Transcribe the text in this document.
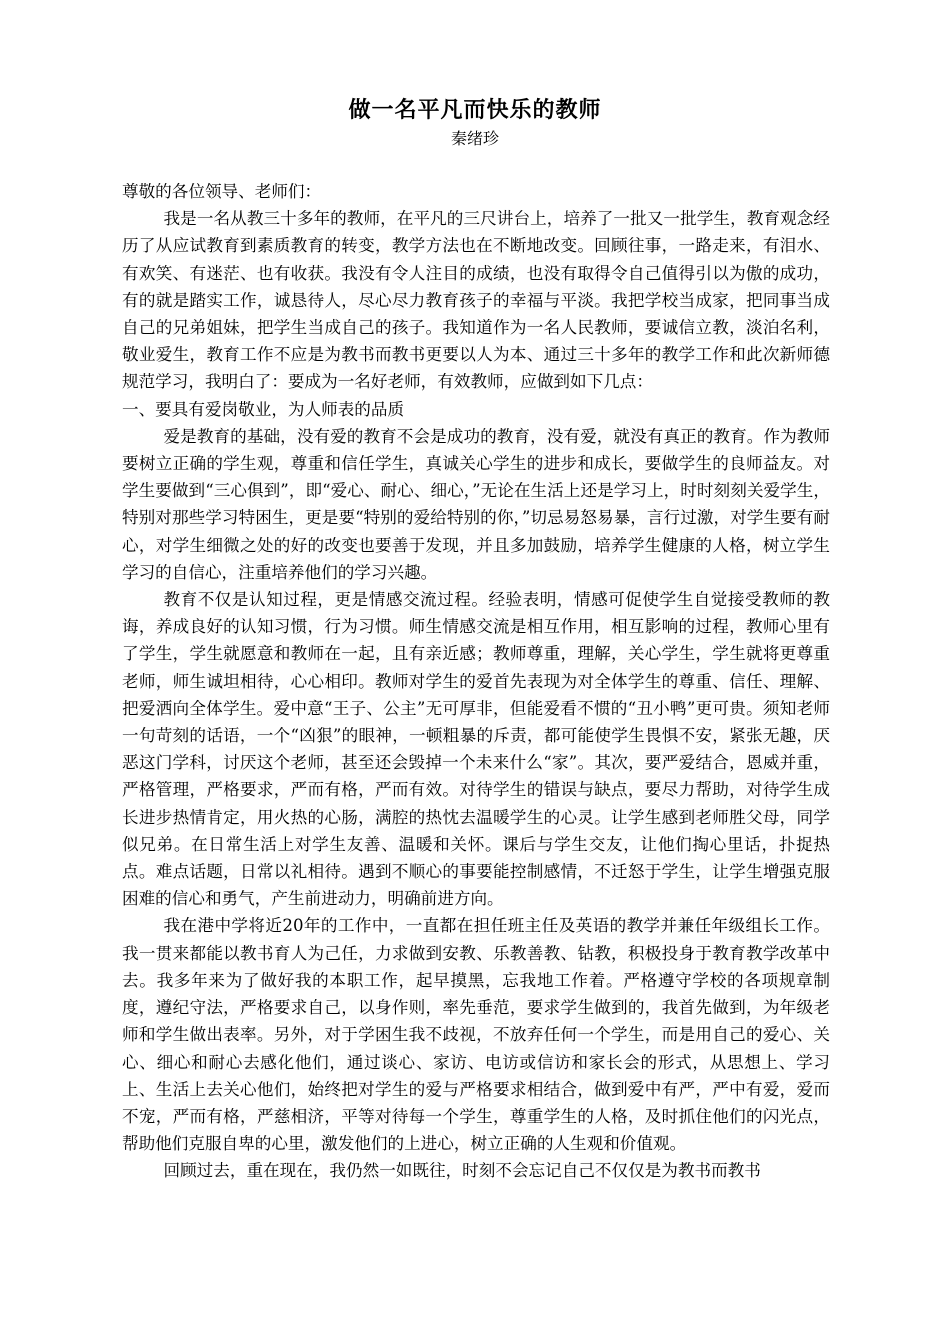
做一名平凡而快乐的教师
秦绪珍

尊敬的各位领导、老师们：

我是一名从教三十多年的教师，在平凡的三尺讲台上，培养了一批又一批学生，教育观念经历了从应试教育到素质教育的转变，教学方法也在不断地改变。回顾往事，一路走来，有泪水、有欢笑、有迷茫、也有收获。我没有令人注目的成绩，也没有取得令自己值得引以为傲的成功，有的就是踏实工作，诚恳待人，尽心尽力教育孩子的幸福与平淡。我把学校当成家，把同事当成自己的兄弟姐妹，把学生当成自己的孩子。我知道作为一名人民教师，要诚信立教，淡泊名利，敬业爱生，教育工作不应是为教书而教书更要以人为本、通过三十多年的教学工作和此次新师德规范学习，我明白了：要成为一名好老师，有效教师，应做到如下几点：

一、要具有爱岗敬业，为人师表的品质

爱是教育的基础，没有爱的教育不会是成功的教育，没有爱，就没有真正的教育。作为教师要树立正确的学生观，尊重和信任学生，真诚关心学生的进步和成长，要做学生的良师益友。对学生要做到“三心俱到”，即“爱心、耐心、细心，”无论在生活上还是学习上，时时刻刻关爱学生，特别对那些学习特困生，更是要“特别的爱给特别的你，”切忌易怒易暴，言行过激，对学生要有耐心，对学生细微之处的好的改变也要善于发现，并且多加鼓励，培养学生健康的人格，树立学生学习的自信心，注重培养他们的学习兴趣。

教育不仅是认知过程，更是情感交流过程。经验表明，情感可促使学生自觉接受教师的教诲，养成良好的认知习惯，行为习惯。师生情感交流是相互作用，相互影响的过程，教师心里有了学生，学生就愿意和教师在一起，且有亲近感；教师尊重，理解，关心学生，学生就将更尊重老师，师生诚坦相待，心心相印。教师对学生的爱首先表现为对全体学生的尊重、信任、理解、把爱洒向全体学生。爱中意“王子、公主”无可厚非，但能爱看不惯的“丑小鸭”更可贵。须知老师一句苛刻的话语，一个“凶狠”的眼神，一顿粗暴的斥责，都可能使学生畏惧不安，紧张无趣，厌恶这门学科，讨厌这个老师，甚至还会毁掉一个未来什么“家”。其次，要严爱结合，恩威并重，严格管理，严格要求，严而有格，严而有效。对待学生的错误与缺点，要尽力帮助，对待学生成长进步热情肯定，用火热的心肠，满腔的热忱去温暖学生的心灵。让学生感到老师胜父母，同学似兄弟。在日常生活上对学生友善、温暖和关怀。课后与学生交友，让他们掏心里话，扑捉热点。难点话题，日常以礼相待。遇到不顺心的事要能控制感情，不迁怒于学生，让学生增强克服困难的信心和勇气，产生前进动力，明确前进方向。

我在港中学将近20年的工作中，一直都在担任班主任及英语的教学并兼任年级组长工作。我一贯来都能以教书育人为己任，力求做到安教、乐教善教、钻教，积极投身于教育教学改革中去。我多年来为了做好我的本职工作，起早摸黑，忘我地工作着。严格遵守学校的各项规章制度，遵纪守法，严格要求自己，以身作则，率先垂范，要求学生做到的，我首先做到，为年级老师和学生做出表率。另外，对于学困生我不歧视，不放弃任何一个学生，而是用自己的爱心、关心、细心和耐心去感化他们，通过谈心、家访、电访或信访和家长会的形式，从思想上、学习上、生活上去关心他们，始终把对学生的爱与严格要求相结合，做到爱中有严，严中有爱，爱而不宠，严而有格，严慈相济，平等对待每一个学生，尊重学生的人格，及时抓住他们的闪光点，帮助他们克服自卑的心里，激发他们的上进心，树立正确的人生观和价值观。

回顾过去，重在现在，我仍然一如既往，时刻不会忘记自己不仅仅是为教书而教书
